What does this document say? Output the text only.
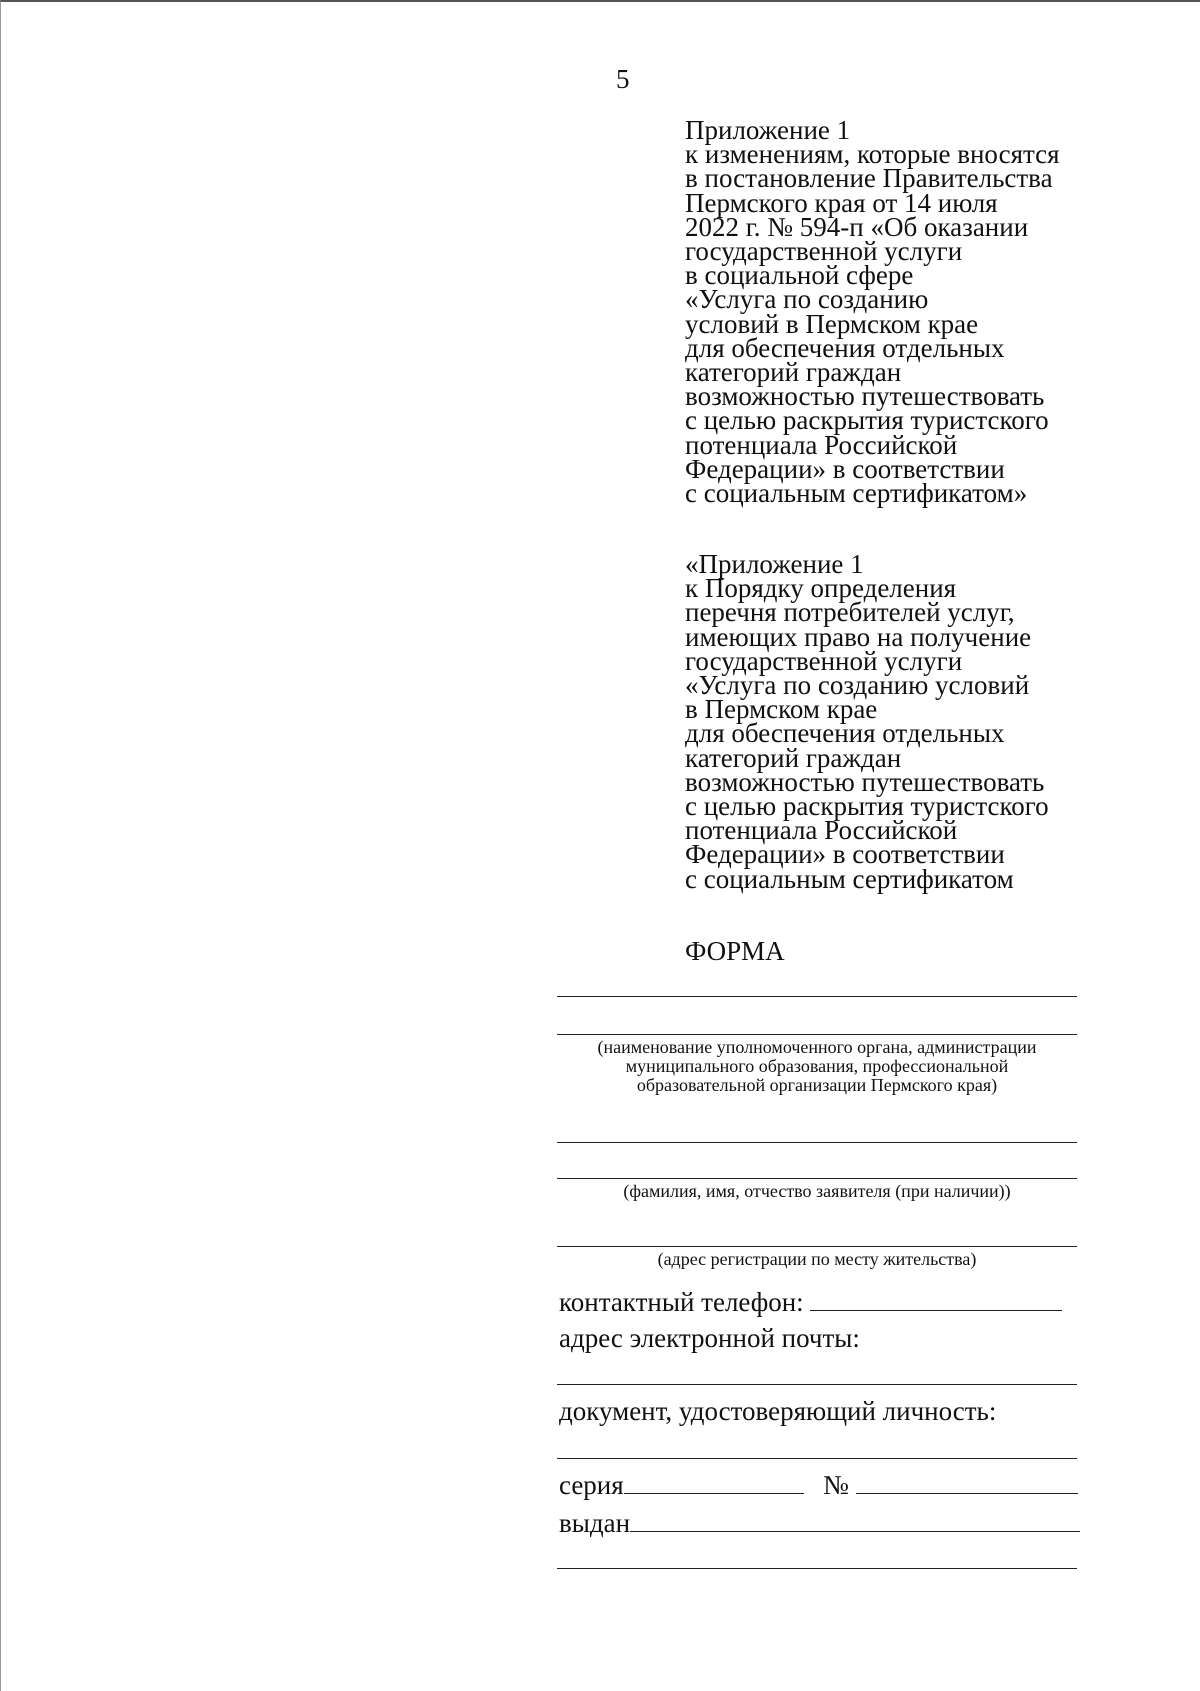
5
Приложение 1
к изменениям, которые вносятся
в постановление Правительства
Пермского края от 14 июля
2022 г. № 594-п «Об оказании
государственной услуги
в социальной сфере
«Услуга по созданию
условий в Пермском крае
для обеспечения отдельных
категорий граждан
возможностью путешествовать
с целью раскрытия туристского
потенциала Российской
Федерации» в соответствии
с социальным сертификатом»
«Приложение 1
к Порядку определения
перечня потребителей услуг,
имеющих право на получение
государственной услуги
«Услуга по созданию условий
в Пермском крае
для обеспечения отдельных
категорий граждан
возможностью путешествовать
с целью раскрытия туристского
потенциала Российской
Федерации» в соответствии
с социальным сертификатом
ФОРМА
(наименование уполномоченного органа, администрации
муниципального образования, профессиональной
образовательной организации Пермского края)
(фамилия, имя, отчество заявителя (при наличии))
(адрес регистрации по месту жительства)
контактный телефон:
адрес электронной почты:
документ, удостоверяющий личность:
серия	№
выдан
